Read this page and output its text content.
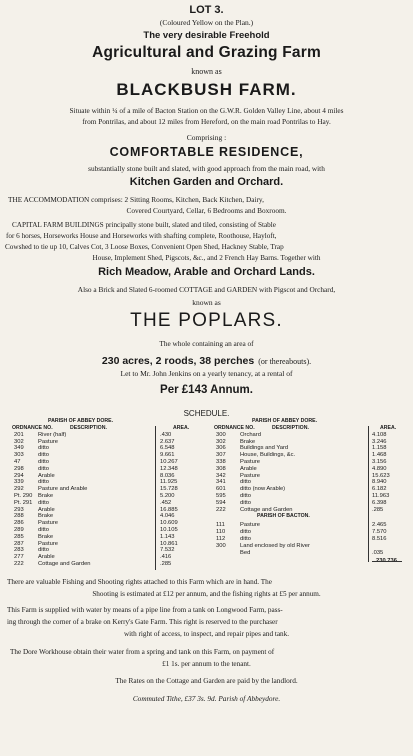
LOT 3.
(Coloured Yellow on the Plan.)
The very desirable Freehold
Agricultural and Grazing Farm
known as
BLACKBUSH FARM.
Situate within ¼ of a mile of Bacton Station on the G.W.R. Golden Valley Line, about 4 miles
from Pontrilas, and about 12 miles from Hereford, on the main road Pontrilas to Hay.
Comprising :
COMFORTABLE RESIDENCE,
substantially stone built and slated, with good approach from the main road, with
Kitchen Garden and Orchard.
THE ACCOMMODATION comprises: 2 Sitting Rooms, Kitchen, Back Kitchen, Dairy,
Covered Courtyard, Cellar, 6 Bedrooms and Boxroom.
CAPITAL FARM BUILDINGS principally stone built, slated and tiled, consisting of Stable
for 6 horses, Horseworks House and Horseworks with shafting complete, Roothouse, Hayloft,
Cowshed to tie up 10, Calves Cot, 3 Loose Boxes, Convenient Open Shed, Hackney Stable, Trap
House, Implement Shed, Pigscots, &c., and 2 French Hay Barns. Together with
Rich Meadow, Arable and Orchard Lands.
Also a Brick and Slated 6-roomed COTTAGE and GARDEN with Pigscot and Orchard,
known as
THE POPLARS.
The whole containing an area of
230 acres, 2 roods, 38 perches (or thereabouts).
Let to Mr. John Jenkins on a yearly tenancy, at a rental of
Per £143 Annum.
SCHEDULE.
PARISH OF ABBEY DORE.
ORDNANCE NO.	DESCRIPTION.	AREA.
201 River (half)	.430
302 Pasture	2.637
349 ditto	6.548
303 ditto	9.661
47	ditto	10.267
298 ditto	12.348
294 Arable	8.036
339 ditto	11.925
292 Pasture and Arable	15.728
Pt. 290 Brake	5.200
Pt. 291 ditto	.452
293 Arable	16.885
288 Brake	4.046
286 Pasture	10.609
289 ditto	10.105
285 Brake	1.143
287 Pasture	10.861
283 ditto	7.532
277 Arable	.416
222 Cottage and Garden	.285
PARISH OF ABBEY DORE.
ORDNANCE NO.	DESCRIPTION.	AREA.
300 Orchard	4.108
302 Brake	3.246
306 Buildings and Yard	1.158
307 House, Buildings, &c.	1.468
338 Pasture	3.156
308 Arable	4.890
342 Pasture	15.623
341 ditto	8.940
601 ditto (now Arable)	6.182
595 ditto	11.963
594 ditto	6.398
222 Cottage and Garden	.285
PARISH OF BACTON.
111	Pasture	2.465
110	ditto	7.570
112	ditto	8.516
300 Land enclosed by old River
Bed	.035
There are valuable Fishing and Shooting rights attached to this Farm which are in hand. The
Shooting is estimated at £12 per annum, and the fishing rights at £5 per annum.
This Farm is supplied with water by means of a pipe line from a tank on Longwood Farm, pass-
ing through the corner of a brake on Kerry's Gate Farm. This right is reserved to the purchaser
with right of access, to inspect, and repair pipes and tank.
The Dore Workhouse obtain their water from a spring and tank on this Farm, on payment of
£1 1s. per annum to the tenant.
The Rates on the Cottage and Garden are paid by the landlord.
Commuted Tithe, £37 3s. 9d. Parish of Abbeydore.
